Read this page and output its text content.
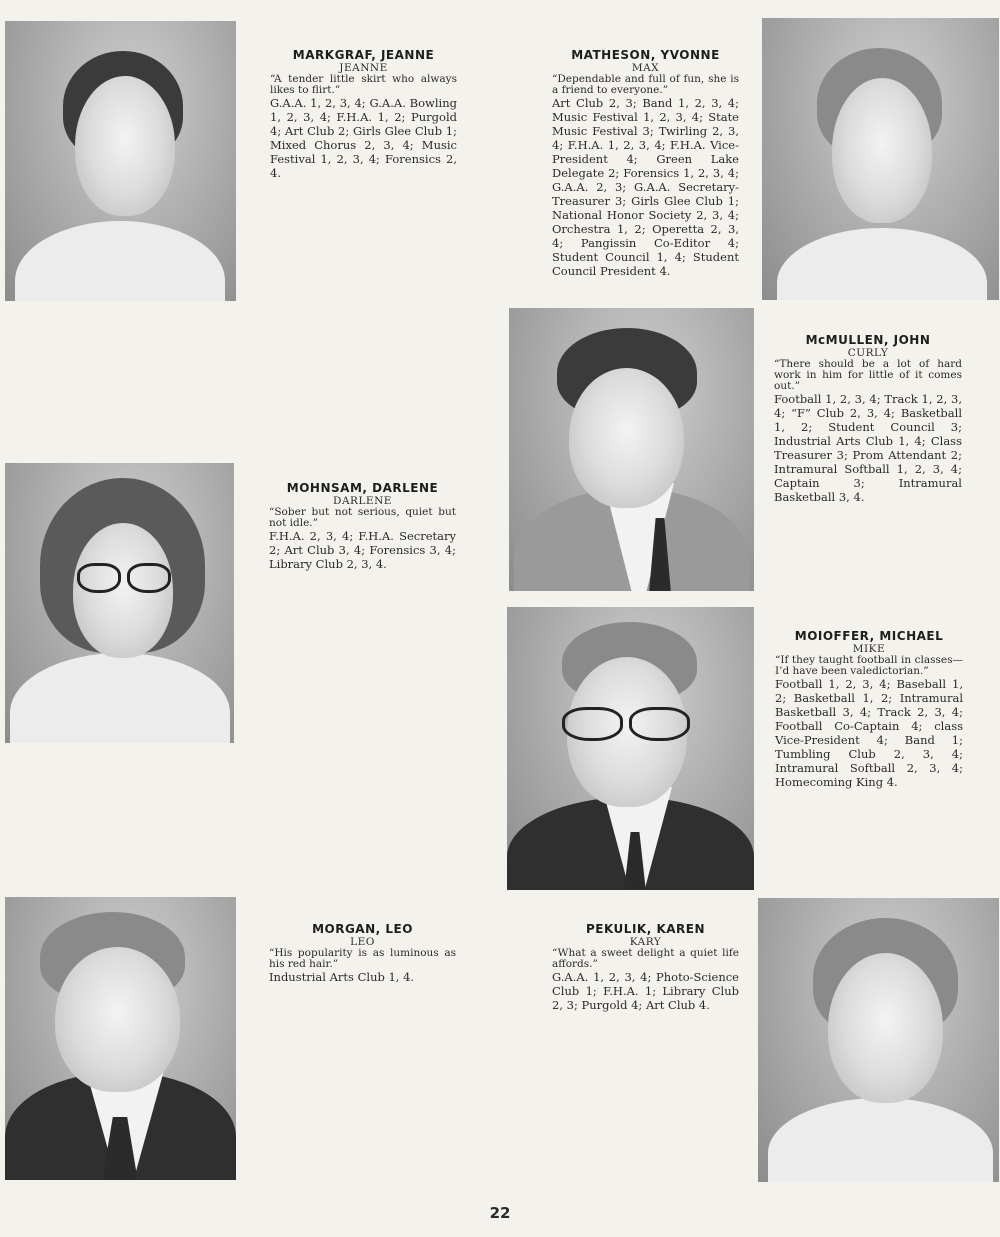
MARKGRAF, JEANNE
JEANNE
“A tender little skirt who always likes to flirt.”
G.A.A. 1, 2, 3, 4; G.A.A. Bowling 1, 2, 3, 4; F.H.A. 1, 2; Purgold 4; Art Club 2; Girls Glee Club 1; Mixed Chorus 2, 3, 4; Music Festival 1, 2, 3, 4; Forensics 2, 4.
MATHESON, YVONNE
MAX
“Dependable and full of fun, she is a friend to everyone.”
Art Club 2, 3; Band 1, 2, 3, 4; Music Festival 1, 2, 3, 4; State Music Festival 3; Twirling 2, 3, 4; F.H.A. 1, 2, 3, 4; F.H.A. Vice-President 4; Green Lake Delegate 2; Forensics 1, 2, 3, 4; G.A.A. 2, 3; G.A.A. Secretary-Treasurer 3; Girls Glee Club 1; National Honor Society 2, 3, 4; Orchestra 1, 2; Operetta 2, 3, 4; Pangissin Co-Editor 4; Student Council 1, 4; Student Council President 4.
McMULLEN, JOHN
CURLY
“There should be a lot of hard work in him for little of it comes out.”
Football 1, 2, 3, 4; Track 1, 2, 3, 4; “F” Club 2, 3, 4; Basketball 1, 2; Student Council 3; Industrial Arts Club 1, 4; Class Treasurer 3; Prom Attendant 2; Intramural Softball 1, 2, 3, 4; Captain 3; Intramural Basketball 3, 4.
MOHNSAM, DARLENE
DARLENE
“Sober but not serious, quiet but not idle.”
F.H.A. 2, 3, 4; F.H.A. Secretary 2; Art Club 3, 4; Forensics 3, 4; Library Club 2, 3, 4.
MOIOFFER, MICHAEL
MIKE
“If they taught football in classes—I’d have been valedictorian.”
Football 1, 2, 3, 4; Baseball 1, 2; Basketball 1, 2; Intramural Basketball 3, 4; Track 2, 3, 4; Football Co-Captain 4; class Vice-President 4; Band 1; Tumbling Club 2, 3, 4; Intramural Softball 2, 3, 4; Homecoming King 4.
MORGAN, LEO
LEO
“His popularity is as luminous as his red hair.”
Industrial Arts Club 1, 4.
PEKULIK, KAREN
KARY
“What a sweet delight a quiet life affords.”
G.A.A. 1, 2, 3, 4; Photo-Science Club 1; F.H.A. 1; Library Club 2, 3; Purgold 4; Art Club 4.
22
